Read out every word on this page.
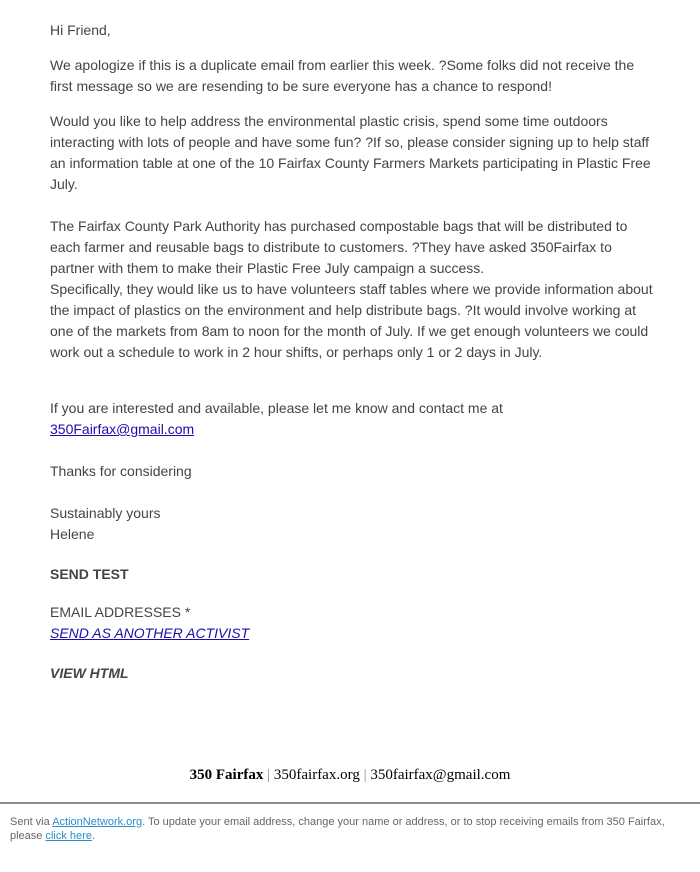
Hi Friend,

We apologize if this is a duplicate email from earlier this week. ?Some folks did not receive the first message so we are resending to be sure everyone has a chance to respond!

Would you like to help address the environmental plastic crisis, spend some time outdoors interacting with lots of people and have some fun? ?If so, please consider signing up to help staff an information table at one of the 10 Fairfax County Farmers Markets participating in Plastic Free July.

The Fairfax County Park Authority has purchased compostable bags that will be distributed to each farmer and reusable bags to distribute to customers. ?They have asked 350Fairfax to partner with them to make their Plastic Free July campaign a success.

Specifically, they would like us to have volunteers staff tables where we provide information about the impact of plastics on the environment and help distribute bags. ?It would involve working at one of the markets from 8am to noon for the month of July. If we get enough volunteers we could work out a schedule to work in 2 hour shifts, or perhaps only 1 or 2 days in July.

If you are interested and available, please let me know and contact me at
350Fairfax@gmail.com

Thanks for considering

Sustainably yours

Helene

SEND TEST

EMAIL ADDRESSES *

SEND AS ANOTHER ACTIVIST

VIEW HTML

350 Fairfax | 350fairfax.org | 350fairfax@gmail.com
Sent via ActionNetwork.org. To update your email address, change your name or address, or to stop receiving emails from 350 Fairfax, please click here.
